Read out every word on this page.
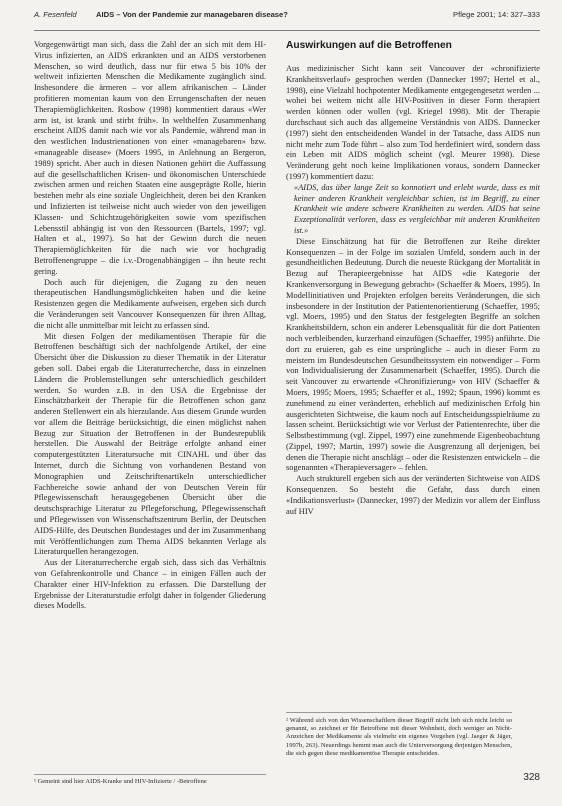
A. Fesenfeld	AIDS – Von der Pandemie zur managebaren disease?	Pflege 2001; 14: 327–333

Vorgegenwärtigt man sich, dass die Zahl der an sich mit dem HI-Virus infizierten, an AIDS erkrankten und an AIDS verstorbenen Menschen, so wird deutlich, dass nur für etwa 5 bis 10% der weltweit infizierten Menschen die Medikamente zugänglich sind. Insbesondere die ärmeren – vor allem afrikanischen – Länder profitieren momentan kaum von den Errungenschaften der neuen Therapiemöglichkeiten. Rosbow (1998) kommentiert daraus «Wer arm ist, ist krank und stirbt früh». In welthelfen Zusammenhang erscheint AIDS damit nach wie vor als Pandemie, während man in den westlichen Industrienationen von einer «managebaren» bzw. «manageable disease» (Moers 1995, in Anlehnung an Bergeron, 1989) spricht. Aber auch in diesen Nationen gehört die Auffassung auf die gesellschaftlichen Krisen- und ökonomischen Unterschiede zwischen armen und reichen Staaten eine ausgeprägte Rolle, hierin bestehen mehr als eine soziale Ungleichheit, deren bei den Kranken und Infizierten ist teilweise nicht auch wieder von den jeweiligen Klassen- und Schichtzugehörigkeiten sowie vom spezifischen Lebensstil abhängig ist von den Ressourcen (Bartels, 1997; vgl. Halten et al., 1997). So hat der Gewinn durch die neuen Therapiemöglichkeiten für die nach wie vor hochgradig Betroffenengruppe – die i.v.-Drogenabhängigen – ihn heute recht gering.

Doch auch für diejenigen, die Zugang zu den neuen therapeutischen Handlungsmöglichkeiten haben und die keine Resistenzen gegen die Medikamente aufweisen, ergeben sich durch die Veränderungen seit Vancouver Konsequenzen für ihren Alltag, die nicht alle unmittelbar mit leicht zu erfassen sind.

Mit diesen Folgen der medikamentösen Therapie für die Betroffenen beschäftigt sich der nachfolgende Artikel, der eine Übersicht über die Diskussion zu dieser Thematik in der Literatur geben soll. Dabei ergab die Literaturrecherche, dass in einzelnen Ländern die Problemstellungen sehr unterschiedlich geschildert werden. So wurden z.B. in den USA die Ergebnisse der Einschätzbarkeit der Therapie für die Betroffenen schon ganz anderen Stellenwert ein als hierzulande. Aus diesem Grunde wurden vor allem die Beiträge berücksichtigt, die einen möglichst nahen Bezug zur Situation der Betroffenen in der Bundesrepublik herstellen. Die Auswahl der Beiträge erfolgte anhand einer computergestützten Literatursuche mit CINAHL und über das Internet, durch die Sichtung von vorhandenen Bestand von Monographien und Zeitschriftenartikeln unterschiedlicher Fachbereiche sowie anhand der von Deutschen Verein für Pflegewissenschaft herausgegebenen Übersicht über die deutschsprachige Literatur zu Pflegeforschung, Pflegewissenschaft und Pflegewissen von Wissenschaftszentrum Berlin, der Deutschen AIDS-Hilfe, des Deutschen Bundestages und der im Zusammenhang mit Veröffentlichungen zum Thema AIDS bekannten Verlage als Literaturquellen herangezogen.

Aus der Literaturrecherche ergab sich, dass sich das Verhältnis von Gefahrenkontrolle und Chance – in einigen Fällen auch der Charakter einer HIV-Infektion zu erfassen. Die Darstellung der Ergebnisse der Literaturstudie erfolgt daher in folgender Gliederung dieses Modells.

Auswirkungen auf die Betroffenen

Aus medizinischer Sicht kann seit Vancouver der «chronifizierte Krankheitsverlauf» gesprochen werden (Dannecker 1997; Hertel et al., 1998), eine Vielzahl hochpotenter Medikamente entgegengesetzt werden ... wohei bei weitem nicht alle HIV-Positiven in dieser Form therapiert werden können oder wollen (vgl. Kriegel 1998). Mit der Therapie durchschaut sich auch das allgemeine Verständnis von AIDS. Dannecker (1997) sieht den entscheidenden Wandel in der Tatsache, dass AIDS nun nicht mehr zum Tode führt – also zum Tod herdefiniert wird, sondern dass ein Leben mit AIDS möglich scheint (vgl. Meurer 1998). Diese Veränderung geht noch keine Implikationen voraus, sondern Dannecker (1997) kommentiert dazu:

«AIDS, das über lange Zeit so konnotiert und erlebt wurde, dass es mit keiner anderen Krankheit vergleichbar schien, ist im Begriff, zu einer Krankheit wie andere schwere Krankheiten zu werden. AIDS hat seine Exzeptionalität verloren, dass es vergleichbar mit anderen Krankheiten ist.»

Diese Einschätzung hat für die Betroffenen zur Reihe direkter Konsequenzen – in der Folge im sozialen Umfeld, sondern auch in der gesundheitlichen Bedeutung. Durch die neueste Rückgang der Mortalität in Bezug auf Therapieergebnisse hat AIDS «die Kategorie der Krankenversorgung in Bewegung gebracht» (Schaeffer & Moers, 1995). In Modellinitiativen und Projekten erfolgen bereits Veränderungen, die sich insbesondere in der Institution der Patientenorientierung (Schaeffer, 1995; vgl. Moers, 1995) und den Status der festgelegten Begriffe an solchen Krankheitsbildern, schon ein anderer Lebensqualität für die dort Patienten noch verbleibenden, kurzerhand einzufügen (Schaeffer, 1995) anführte. Die dort zu eruieren, gab es eine ursprüngliche – auch in dieser Form zu meistern im Bundesdeutschen Gesundheitssystem ein notwendiger – Form von Individualisierung der Zusammenarbeit (Schaeffer, 1995). Durch die seit Vancouver zu erwartende «Chronifizierung» von HIV (Schaeffer & Moers, 1995; Moers, 1995; Schaeffer et al., 1992; Spaun, 1996) kommt es zunehmend zu einer veränderten, erheblich auf medizinischen Erfolg hin ausgerichteten Sichtweise, die kaum noch auf Entscheidungsspielräume zu lassen scheint. Berücksichtigt wie vor Verlust der Patientenrechte, über die Selbstbestimmung (vgl. Zippel, 1997) eine zunehmende Eigenbeobachtung (Zippel, 1997; Martin, 1997) sowie die Ausgrenzung all derjenigen, bei denen die Therapie nicht anschlägt – oder die Resistenzen entwickeln – die sogenannten «Therapieversager» – fehlen.

Auch strukturell ergeben sich aus der veränderten Sichtweise von AIDS Konsequenzen. So besteht die Gefahr, dass durch einen «Indikationsverlust» (Dannecker, 1997) der Medizin vor allem der Einfluss auf HIV

¹ Gemeint sind hier AIDS-Kranke und HIV-Infizierte / -Betroffene
² Während sich von den Wissenschaftlern dieser Begriff nicht lieb sich nicht leicht so genannt, so zeichnet er für Betroffene mit dieser Wohnheit, doch weniger an Nicht-Anzeichen der Medikamente als vielmehr ein eigenes Vorgehen (vgl. Jaeger & Jäger, 1997b, 263). Neuerdings hemmt man auch die Unterversorgung derjenigen Menschen, die sich gegen diese medikamentöse Therapie entscheiden.
328
